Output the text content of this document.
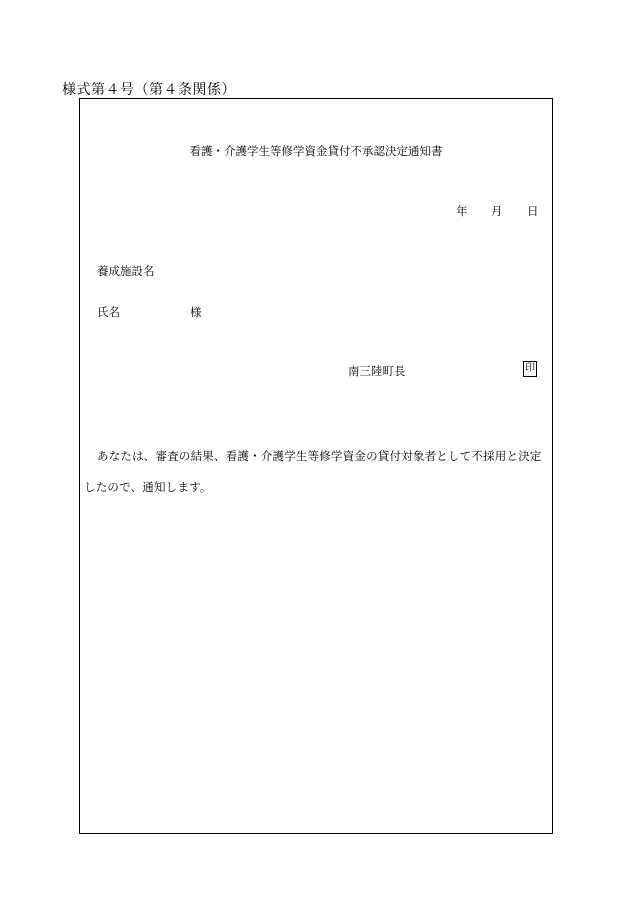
様式第４号（第４条関係）
看護・介護学生等修学資金貸付不承認決定通知書
年 月 日
養成施設名
氏名	様
南三陸町長	印
あなたは、審査の結果、看護・介護学生等修学資金の貸付対象者として不採用と決定
したので、通知します。
